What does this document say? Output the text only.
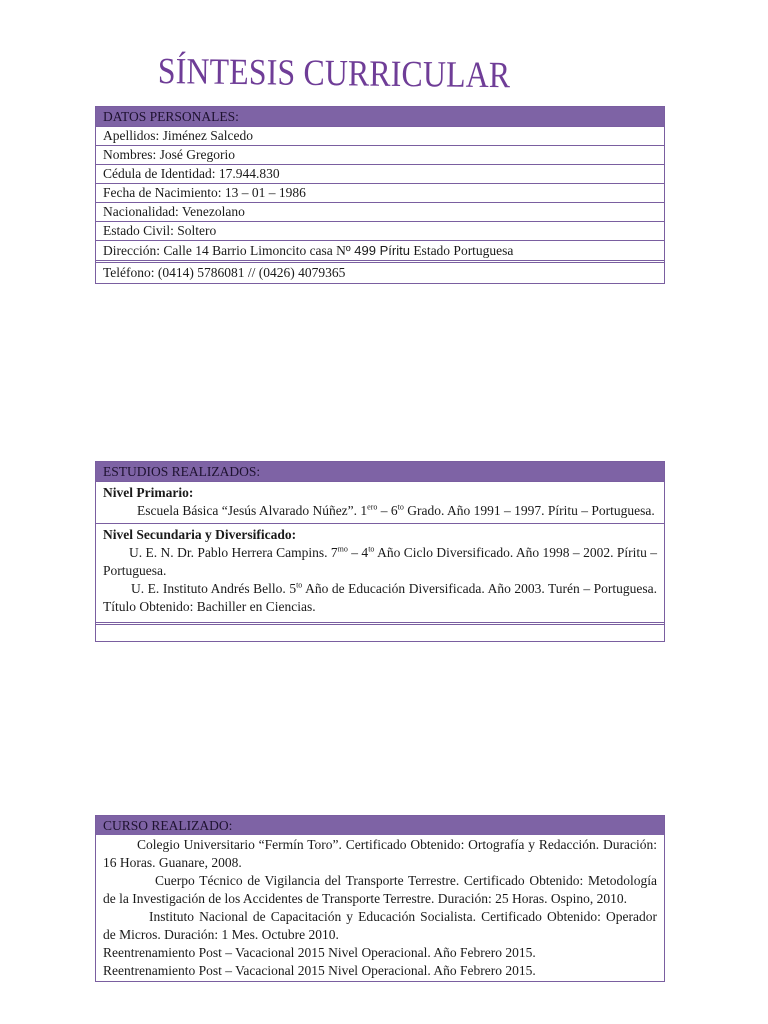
SÍNTESIS CURRICULAR
DATOS PERSONALES:
Apellidos: Jiménez Salcedo
Nombres: José Gregorio
Cédula de Identidad: 17.944.830
Fecha de Nacimiento: 13 – 01 – 1986
Nacionalidad: Venezolano
Estado Civil: Soltero
Dirección: Calle 14 Barrio Limoncito casa Nº 499 Píritu Estado Portuguesa
Teléfono: (0414) 5786081 // (0426) 4079365
ESTUDIOS REALIZADOS:
Nivel Primario:
Escuela Básica “Jesús Alvarado Núñez”. $1^{ero} - 6^{to}$ Grado. Año 1991 – 1997. Píritu – Portuguesa.
Nivel Secundaria y Diversificado:
U. E. N. Dr. Pablo Herrera Campins. $7^{mo} - 4^{to}$ Año Ciclo Diversificado. Año 1998 – 2002. Píritu – Portuguesa.
U. E. Instituto Andrés Bello. $5^{to}$ Año de Educación Diversificada. Año 2003. Turén – Portuguesa. Título Obtenido: Bachiller en Ciencias.
CURSO REALIZADO:
Colegio Universitario “Fermín Toro”. Certificado Obtenido: Ortografía y Redacción. Duración: 16 Horas. Guanare, 2008.
Cuerpo Técnico de Vigilancia del Transporte Terrestre. Certificado Obtenido: Metodología de la Investigación de los Accidentes de Transporte Terrestre. Duración: 25 Horas. Ospino, 2010.
Instituto Nacional de Capacitación y Educación Socialista. Certificado Obtenido: Operador de Micros. Duración: 1 Mes. Octubre 2010.
Reentrenamiento Post – Vacacional 2015 Nivel Operacional. Año Febrero 2015.
Reentrenamiento Post – Vacacional 2015 Nivel Operacional. Año Febrero 2015.
